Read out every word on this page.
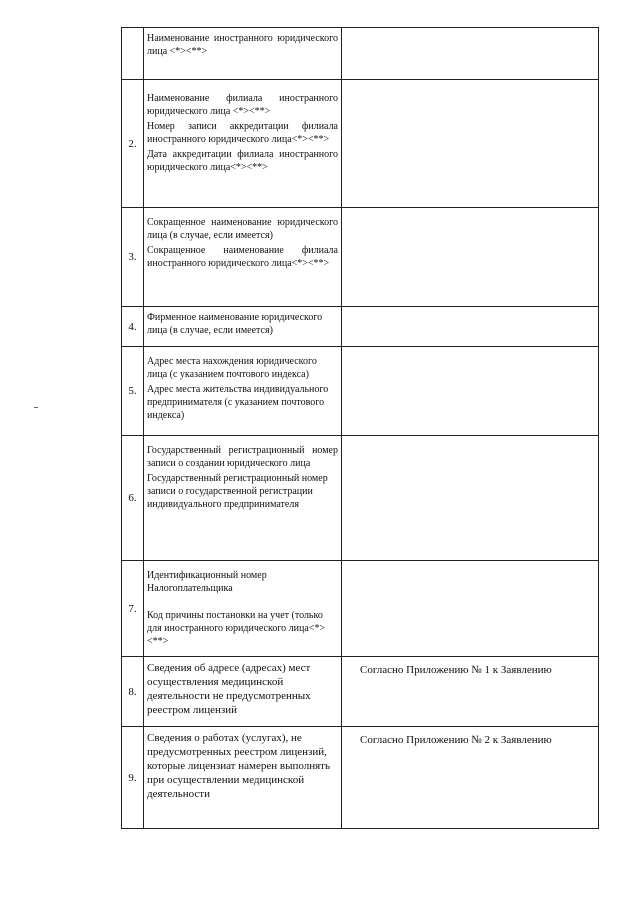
	Наименование иностранного юридического лица <*><**>	

2.	Наименование филиала иностранного юридического лица <*><**>

Номер записи аккредитации филиала иностранного юридического лица<*><**>

Дата аккредитации филиала иностранного юридического лица<*><**>	

3.	Сокращенное наименование юридического лица (в случае, если имеется)

Сокращенное наименование филиала иностранного юридического лица<*><**>	

4.	Фирменное наименование юридического лица (в случае, если имеется)	

5.	Адрес места нахождения юридического лица (с указанием почтового индекса)

Адрес места жительства индивидуального предпринимателя (с указанием почтового индекса)	

6.	Государственный регистрационный номер записи о создании юридического лица

Государственный регистрационный номер записи о государственной регистрации индивидуального предпринимателя	

7.	Идентификационный номер Налогоплательщика

Код причины постановки на учет (только для иностранного юридического лица<*><**>	

8.	Сведения об адресе (адресах) мест осуществления медицинской деятельности не предусмотренных реестром лицензий	Согласно Приложению № 1 к Заявлению

9.	Сведения о работах (услугах), не предусмотренных реестром лицензий, которые лицензиат намерен выполнять при осуществлении медицинской деятельности	Согласно Приложению № 2 к Заявлению
